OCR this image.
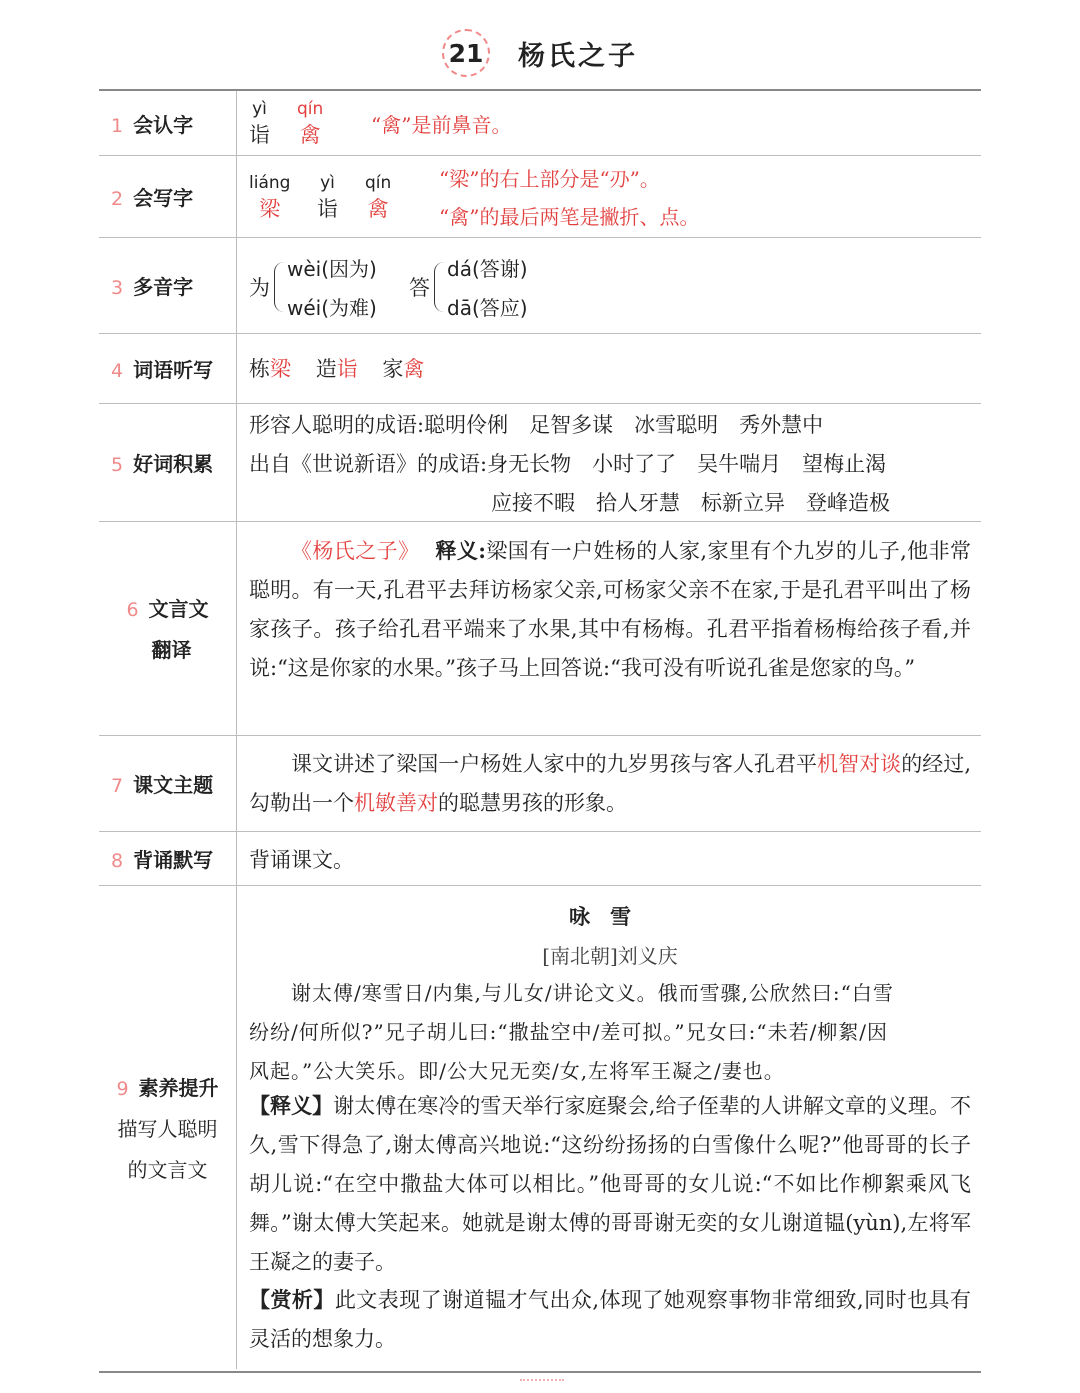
21 杨氏之子
1 会认字
yì
诣
qín
禽	“禽”是前鼻音。
2 会写字
liáng
梁
yì
诣
qín
禽
“梁”的右上部分是“刅”。
“禽”的最后两笔是撇折、点。
3 多音字	为
wèi(因为)
wéi(为难)
答
dá(答谢)
dā(答应)
4 词语听写 栋梁 造诣 家禽
5 好词积累
形容人聪明的成语:聪明伶俐　足智多谋　冰雪聪明　秀外慧中
出自《世说新语》的成语:身无长物　小时了了　吴牛喘月　望梅止渴
应接不暇　拾人牙慧　标新立异　登峰造极
6 文言文
翻译
《杨氏之子》 释义:梁国有一户姓杨的人家,家里有个九岁的儿子,他非常聪明。有一天,孔君平去拜访杨家父亲,可杨家父亲不在家,于是孔君平叫出了杨家孩子。孩子给孔君平端来了水果,其中有杨梅。孔君平指着杨梅给孩子看,并说:“这是你家的水果。”孩子马上回答说:“我可没有听说孔雀是您家的鸟。”
7 课文主题
课文讲述了梁国一户杨姓人家中的九岁男孩与客人孔君平机智对谈的经过,勾勒出一个机敏善对的聪慧男孩的形象。
8 背诵默写 背诵课文。
9 素养提升
描写人聪明
的文言文
咏雪
[南北朝]刘义庆
谢太傅/寒雪日/内集,与儿女/讲论文义。俄而雪骤,公欣然曰:“白雪
纷纷/何所似?”兄子胡儿曰:“撒盐空中/差可拟。”兄女曰:“未若/柳絮/因
风起。”公大笑乐。即/公大兄无奕/女,左将军王凝之/妻也。
【释义】谢太傅在寒冷的雪天举行家庭聚会,给子侄辈的人讲解文章的义理。不久,雪下得急了,谢太傅高兴地说:“这纷纷扬扬的白雪像什么呢?”他哥哥的长子胡儿说:“在空中撒盐大体可以相比。”他哥哥的女儿说:“不如比作柳絮乘风飞舞。”谢太傅大笑起来。她就是谢太傅的哥哥谢无奕的女儿谢道韫(yùn),左将军王凝之的妻子。
【赏析】此文表现了谢道韫才气出众,体现了她观察事物非常细致,同时也具有灵活的想象力。
